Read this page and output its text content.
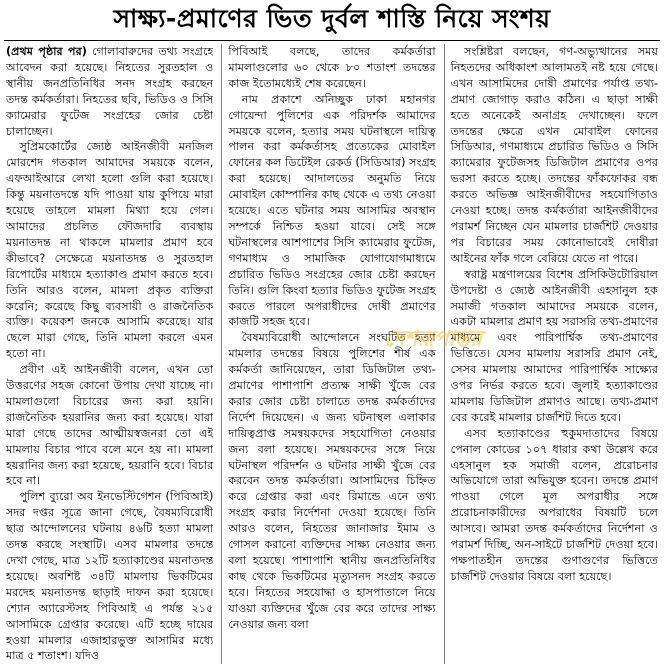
সাক্ষ্য-প্রমাণের ভিত দুর্বল শাস্তি নিয়ে সংশয়

(প্রথম পৃষ্ঠার পর) গোলাবারুদের তথ্য সংগ্রহে আবেদন করা হয়েছে। নিহতের সুরতহাল ও স্থানীয় জনপ্রতিনিধির সনদ সংগ্রহ করছেন তদন্ত কর্মকর্তারা। নিহতের ছবি, ভিডিও ও সিসি ক্যামেরার ফুটেজ সংগ্রহের জোর চেষ্টা চালাচ্ছেন।

সুপ্রিমকোর্টের জ্যেষ্ঠ আইনজীবী মনজিল মোরশেদ গতকাল আমাদের সময়কে বলেন, এফআইআরে লেখা হলো গুলি করা হয়েছে। কিন্তু ময়নাতদন্তে যদি পাওয়া যায় কুপিয়ে মারা হয়েছে তাহলে মামলা মিথ্যা হয়ে গেল। আমাদের প্রচলিত ফৌজদারি ব্যবস্থায় ময়নাতদন্ত না থাকলে মামলার প্রমাণ হবে কীভাবে? সেক্ষেত্রে ময়নাতদন্ত ও সুরতহাল রিপোর্টের মাধ্যমে হত্যাকাণ্ড প্রমাণ করতে হবে। তিনি আরও বলেন, মামলা প্রকৃত ব্যক্তিরা করেনি; করেছে কিছু ব্যবসায়ী ও রাজনৈতিক ব্যক্তি। কয়েকশ জনকে আসামি করেছে। যার ছেলে মারা গেছে, তিনি মামলা করলে এমন হতো না।

প্রবীণ এই আইনজীবী বলেন, এখন তো উত্তরণের সহজ কোনো উপায় দেখা যাচ্ছে না। মামলাগুলো বিচারের জন্য করা হয়নি। রাজনৈতিক হয়রানির জন্য করা হয়েছে। যারা মারা গেছে তাদের আত্মীয়স্বজনরা তো এই মামলায় বিচার পাবে বলে মনে হয় না। মামলা হয়রানির জন্য করা হয়েছে, হয়রানি হবে। বিচার হবে না।

পুলিশ ব্যুরো অব ইনভেস্টিগেশন (পিবিআই) সদর দপ্তর সূত্রে জানা গেছে, বৈষম্যবিরোধী ছাত্র আন্দোলনের ঘটনায় ৪৬টি হত্যা মামলা তদন্ত করছে সংস্থাটি। এসব মামলার তদন্তে দেখা গেছে, মাত্র ১২টি হত্যাকাণ্ডের ময়নাতদন্ত হয়েছে। অবশিষ্ট ৩৪টি মামলায় ভিকটিমের মরদেহ ময়নাতদন্ত ছাড়াই দাফন করা হয়েছে। শ্যোন অ্যারেস্টসহ পিবিআই এ পর্যন্ত ২১৫ আসামিকে গ্রেপ্তার করেছে। এটি হচ্ছে দায়ের হওয়া মামলার এজাহারভুক্ত আসামির মধ্যে মাত্র ৫ শতাংশ। যদিও

পিবিআই বলছে, তাদের কর্মকর্তারা মামলাগুলোর ৬০ থেকে ৮০ শতাংশ তদন্তের কাজ ইতোমধ্যেই শেষ করেছেন।

নাম প্রকাশে অনিচ্ছুক ঢাকা মহানগর গোয়েন্দা পুলিশের এক পরিদর্শক আমাদের সময়কে বলেন, হত্যার সময় ঘটনাস্থলে দায়িত্ব পালন করা কর্মকর্তাসহ প্রত্যেকের মোবাইল ফোনের কল ডিটেইল রেকর্ড (সিডিআর) সংগ্রহ করা হয়েছে। আদালতের অনুমতি নিয়ে মোবাইল কোম্পানির কাছ থেকে এ তথ্য নেওয়া হয়েছে। এতে ঘটনার সময় আসামির অবস্থান সম্পর্কে নিশ্চিত হওয়া যাবে। সেই সঙ্গে ঘটনাস্থলের আশপাশের সিসি ক্যামেরার ফুটেজ, গণমাধ্যম ও সামাজিক যোগাযোগমাধ্যমে প্রচারিত ভিডিও সংগ্রহের জোর চেষ্টা করছেন তিনি। গুলি কিংবা হত্যার ভিডিও ফুটেজ সংগ্রহ করতে পারলে অপরাধীদের দোষী প্রমাণের কাজটি সহজ হবে।

বৈষম্যবিরোধী আন্দোলনে সংঘটিত হত্যা মামলার তদন্তের বিষয়ে পুলিশের শীর্ষ এক কর্মকর্তা জানিয়েছেন, তারা ডিজিটাল তথ্য-প্রমাণের পাশাপাশি প্রত্যক্ষ সাক্ষী খুঁজে বের করার জোর চেষ্টা চালাতে তদন্ত কর্মকর্তাদের নির্দেশ দিয়েছেন। এ জন্য ঘটনাস্থল এলাকার দায়িত্বপ্রাপ্ত সমন্বয়কদের সহযোগিতা নেওয়ার জন্য বলা হয়েছে। সমন্বয়কদের সঙ্গে নিয়ে ঘটনাস্থল পরিদর্শন ও ঘটনার সাক্ষী খুঁজে বের করবেন তদন্ত কর্মকর্তারা। আসামিদের চিহ্নিত করে গ্রেপ্তার করা এবং রিমান্ডে এনে তথ্য সংগ্রহ করার নির্দেশনা দেওয়া হয়েছে। তিনি আরও বলেন, নিহতের জানাজার ইমাম ও গোসল করানো ব্যক্তিদের সাক্ষ্য নেওয়ার জন্য বলা হয়েছে। পাশাপাশি স্থানীয় জনপ্রতিনিধির কাছ থেকে ভিকটিমের মৃত্যুসনদ সংগ্রহ করতে হবে। নিহতের সহযোদ্ধা ও হাসপাতালে নিয়ে যাওয়া ব্যক্তিদের খুঁজে বের করে তাদের সাক্ষ্য নেওয়ার জন্য বলা

সংশ্লিষ্টরা বলছেন, গণ-অভ্যুত্থানের সময় নিহতদের অধিকাংশ আলামতই নষ্ট হয়ে গেছে। এখন আসামিদের দোষী প্রমাণের পর্যাপ্ত তথ্য-প্রমাণ জোগাড় করাও কঠিন। এ ছাড়া সাক্ষী হতে অনেকেই অনাগ্রহ দেখাচ্ছেন। ফলে তদন্তের ক্ষেত্রে এখন মোবাইল ফোনের সিডিআর, গণমাধ্যমে প্রচারিত ভিডিও ও সিসি ক্যামেরার ফুটেজসহ ডিজিটাল প্রমাণের ওপর ভরসা করতে হচ্ছে। তদন্তের ফাঁকফোকর বন্ধ করতে অভিজ্ঞ আইনজীবীদের সহযোগিতাও নেওয়া হচ্ছে। তদন্ত কর্মকর্তারা আইনজীবীদের পরামর্শ নিচ্ছেন যেন মামলার চার্জশিট দেওয়ার পর বিচারের সময় কোনোভাবেই দোষীরা আইনের ফাঁক গলে বেরিয়ে যেতে না পারে।

স্বরাষ্ট্র মন্ত্রণালয়ের বিশেষ প্রসিকিউটোরিয়াল উপদেষ্টা ও জ্যেষ্ঠ আইনজীবী এহসানুল হক সমাজী গতকাল আমাদের সময়কে বলেন, একটা মামলার প্রমাণ হয় সরাসরি তথ্য-প্রমাণের মাধ্যমে এবং পারিপার্শ্বিক তথ্য-প্রমাণের ভিত্তিতে। যেসব মামলায় সরাসরি প্রমাণ নেই, সেসব মামলায় আমাদের পারিপার্শ্বিক সাক্ষ্যের ওপর নির্ভর করতে হবে। জুলাই হত্যাকাণ্ডের মামলায় ডিজিটাল প্রমাণও আছে। তথ্য-প্রমাণ বের করেই মামলার চার্জশিট দিতে হবে।

এসব হত্যাকাণ্ডের হুকুমদাতাদের বিষয়ে পেনাল কোডের ১০৭ ধারার কথা উল্লেখ করে এহসানুল হক সমাজী বলেন, প্ররোচনার অভিযোগে তারা অভিযুক্ত হবেন। তদন্তে প্রমাণ পাওয়া গেলে মূল অপরাধীর সঙ্গে প্ররোচনাকারীদের অপরাধের বিষয়টি চলে আসবে। আমরা তদন্ত কর্মকর্তাদের নির্দেশনা ও পরামর্শ দিচ্ছি, অন-সাইটে চার্জশিট দেওয়া হবে। পক্ষপাতহীন তদন্তের গুণাগুণের ভিত্তিতে চার্জশিট দেওয়ার বিষয়ে বলা হয়েছে।

দেশরূপান্তর
